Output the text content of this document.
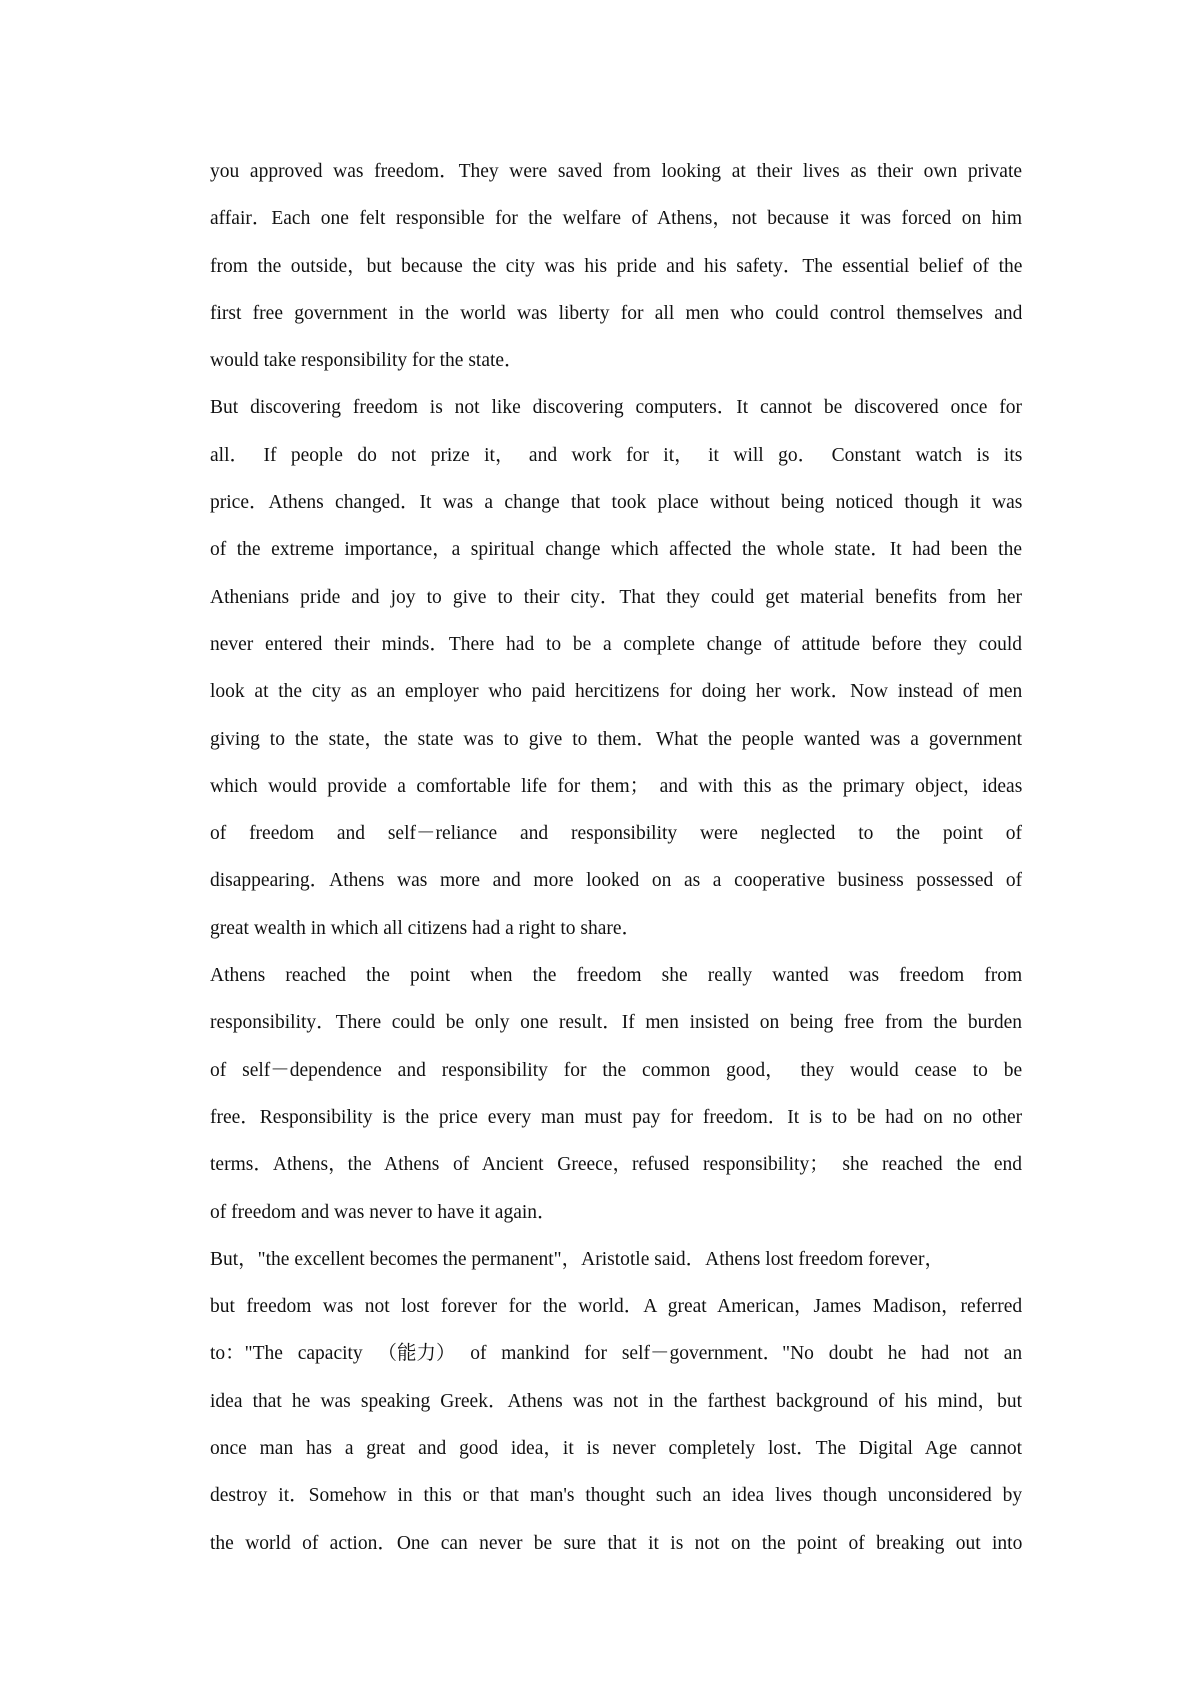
you approved was freedom．They were saved from looking at their lives as their own private
affair．Each one felt responsible for the welfare of Athens，not because it was forced on him
from the outside，but because the city was his pride and his safety．The essential belief of the
first free government in the world was liberty for all men who could control themselves and
would take responsibility for the state．
But discovering freedom is not like discovering computers．It cannot be discovered once for
all． If people do not prize it， and work for it， it will go． Constant watch is its
price．Athens changed．It was a change that took place without being noticed though it was
of the extreme importance，a spiritual change which affected the whole state．It had been the
Athenians pride and joy to give to their city．That they could get material benefits from her
never entered their minds．There had to be a complete change of attitude before they could
look at the city as an employer who paid hercitizens for doing her work．Now instead of men
giving to the state，the state was to give to them．What the people wanted was a government
which would provide a comfortable life for them； and with this as the primary object，ideas
of freedom and self－reliance and responsibility were neglected to the point of
disappearing．Athens was more and more looked on as a cooperative business possessed of
great wealth in which all citizens had a right to share．
Athens reached the point when the freedom she really wanted was freedom from
responsibility．There could be only one result．If men insisted on being free from the burden
of self－dependence and responsibility for the common good， they would cease to be
free．Responsibility is the price every man must pay for freedom．It is to be had on no other
terms．Athens，the Athens of Ancient Greece，refused responsibility； she reached the end
of freedom and was never to have it again．
But，"the excellent becomes the permanent"，Aristotle said．Athens lost freedom forever，
but freedom was not lost forever for the world．A great American，James Madison，referred
to："The capacity （能力） of mankind for self－government．"No doubt he had not an
idea that he was speaking Greek．Athens was not in the farthest background of his mind，but
once man has a great and good idea，it is never completely lost．The Digital Age cannot
destroy it．Somehow in this or that man's thought such an idea lives though unconsidered by
the world of action．One can never be sure that it is not on the point of breaking out into
